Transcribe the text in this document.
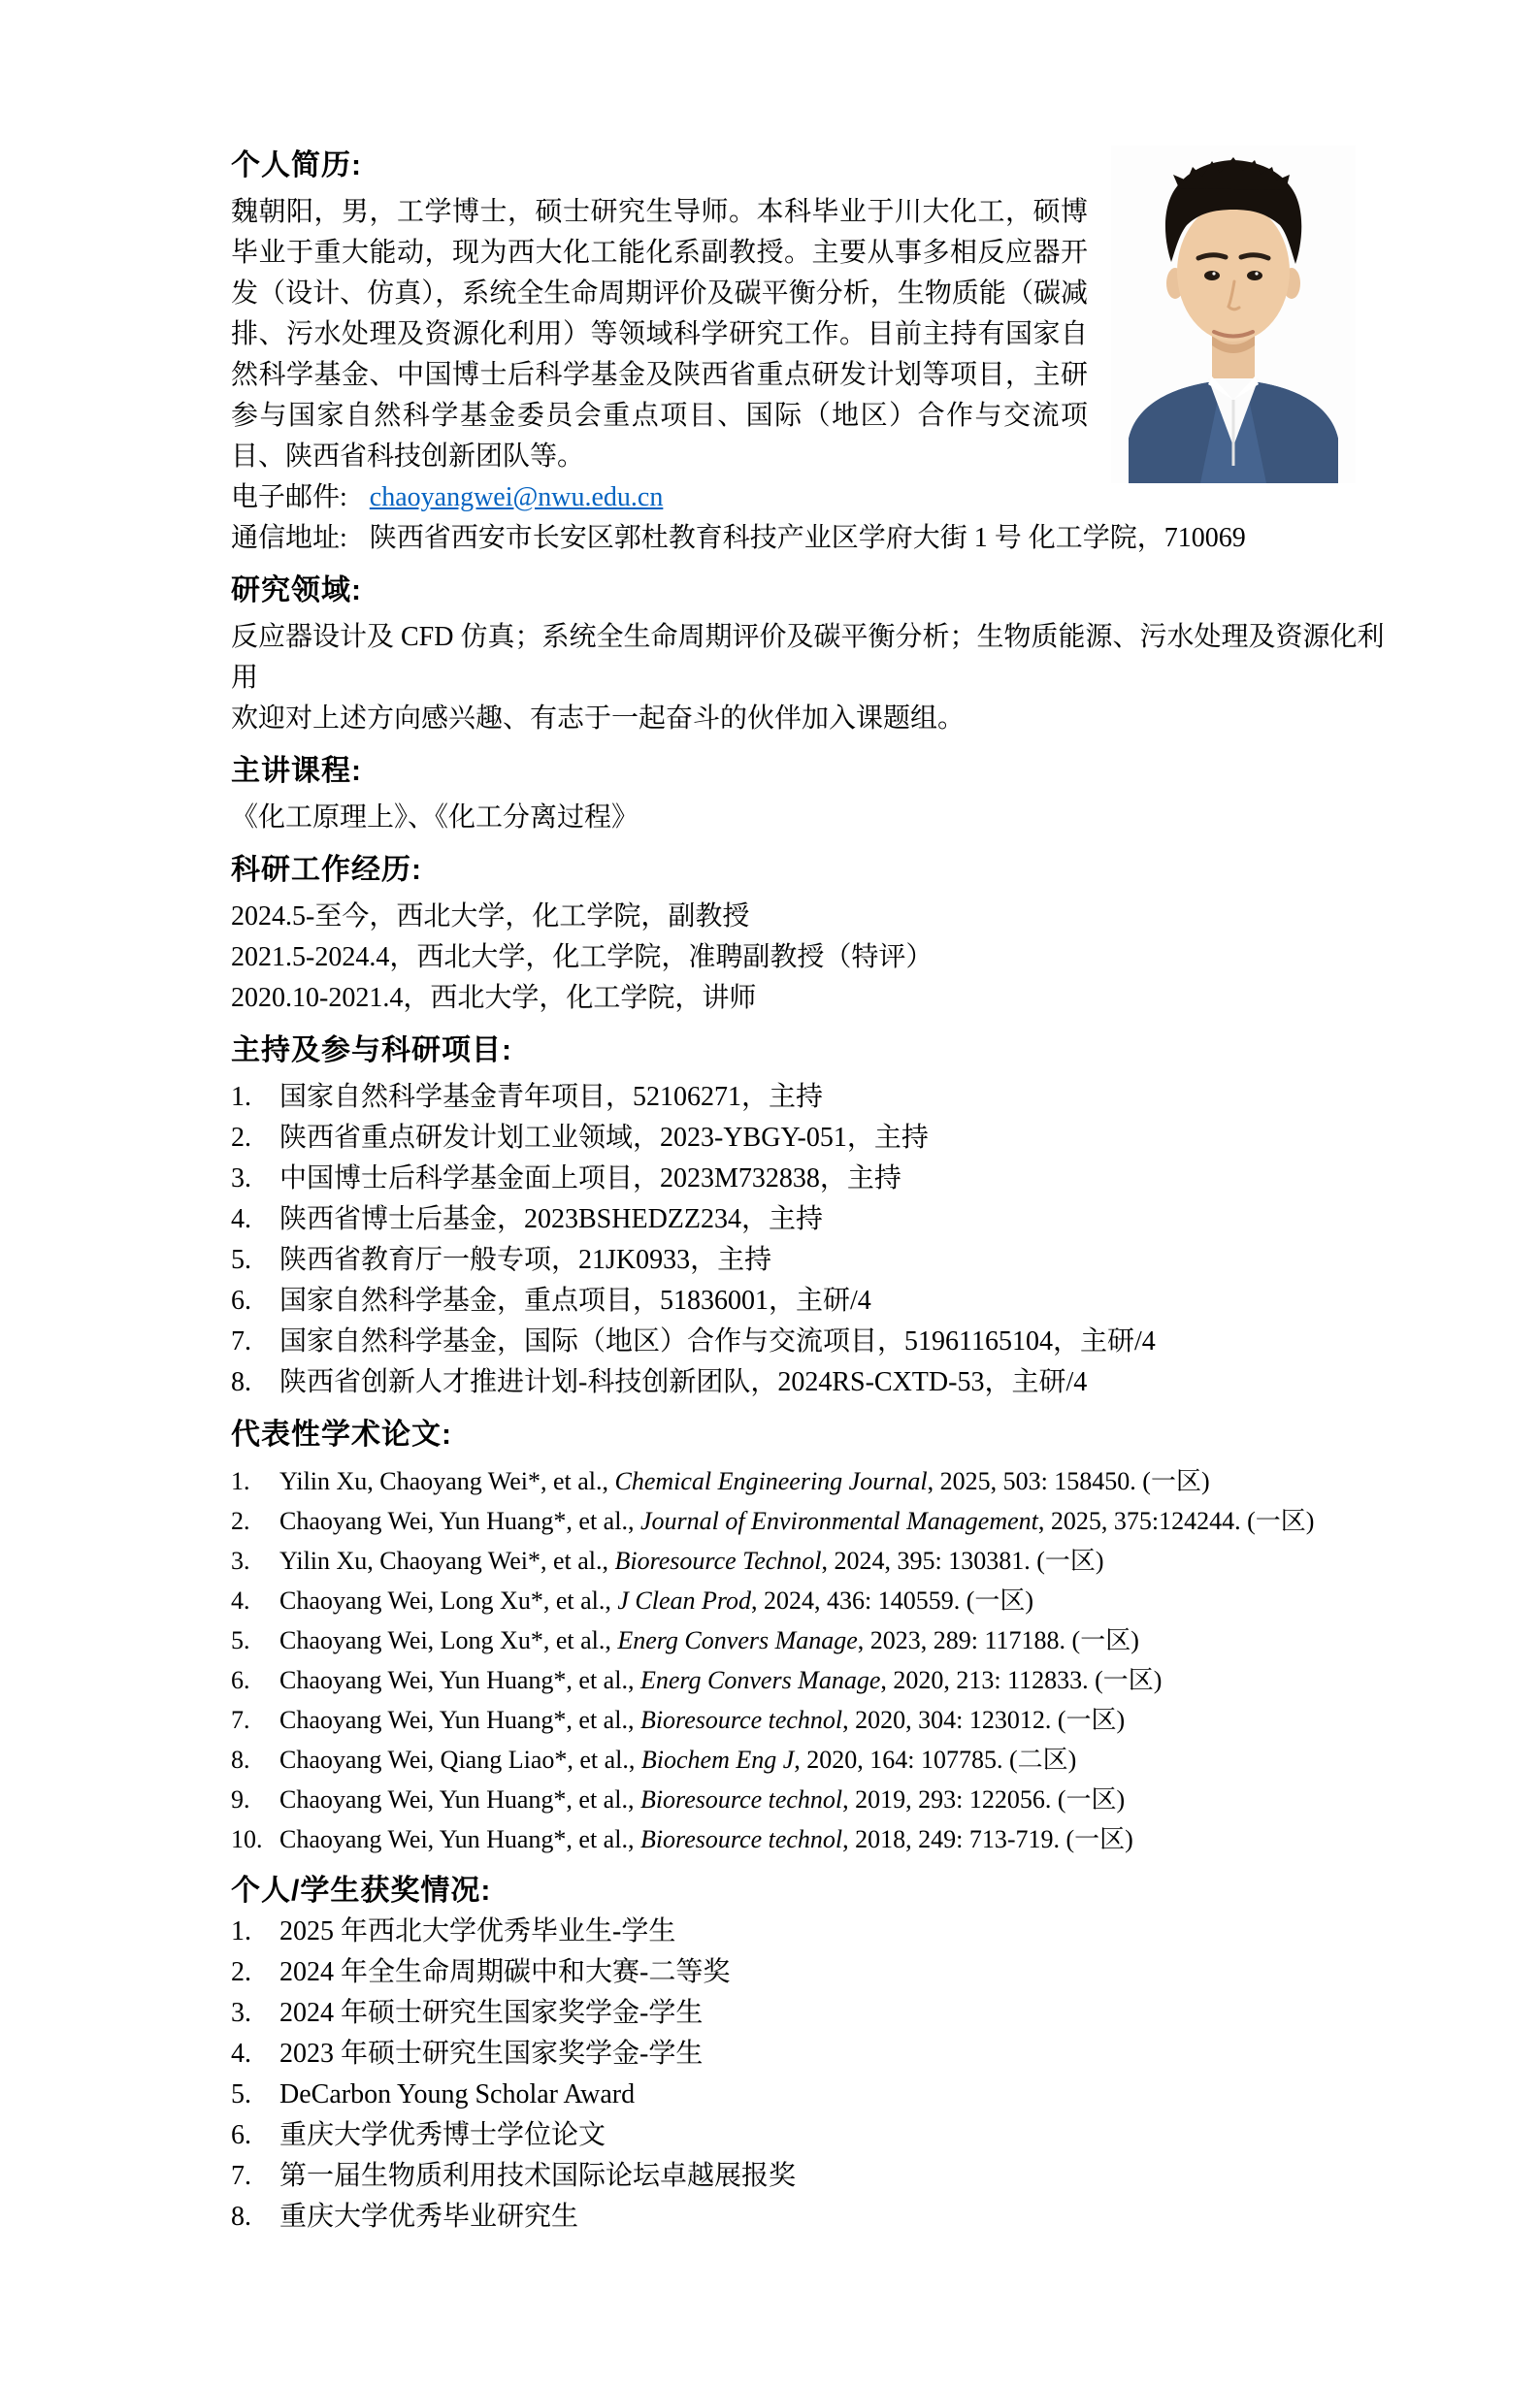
个人简历:
魏朝阳，男，工学博士，硕士研究生导师。本科毕业于川大化工，硕博毕业于重大能动，现为西大化工能化系副教授。主要从事多相反应器开发（设计、仿真），系统全生命周期评价及碳平衡分析，生物质能（碳减排、污水处理及资源化利用）等领域科学研究工作。目前主持有国家自然科学基金、中国博士后科学基金及陕西省重点研发计划等项目，主研参与国家自然科学基金委员会重点项目、国际（地区）合作与交流项目、陕西省科技创新团队等。
电子邮件: chaoyangwei@nwu.edu.cn
通信地址: 陕西省西安市长安区郭杜教育科技产业区学府大街 1 号 化工学院，710069
研究领域:
反应器设计及 CFD 仿真；系统全生命周期评价及碳平衡分析；生物质能源、污水处理及资源化利用
欢迎对上述方向感兴趣、有志于一起奋斗的伙伴加入课题组。
主讲课程:
《化工原理上》、《化工分离过程》
科研工作经历:
2024.5-至今，西北大学，化工学院，副教授
2021.5-2024.4，西北大学，化工学院，准聘副教授（特评）
2020.10-2021.4，西北大学，化工学院，讲师
主持及参与科研项目:
1.	国家自然科学基金青年项目，52106271，主持
2.	陕西省重点研发计划工业领域，2023-YBGY-051，主持
3.	中国博士后科学基金面上项目，2023M732838，主持
4.	陕西省博士后基金，2023BSHEDZZ234，主持
5.	陕西省教育厅一般专项，21JK0933，主持
6.	国家自然科学基金，重点项目，51836001，主研/4
7.	国家自然科学基金，国际（地区）合作与交流项目，51961165104，主研/4
8.	陕西省创新人才推进计划-科技创新团队，2024RS-CXTD-53，主研/4
代表性学术论文:
1.	Yilin Xu, Chaoyang Wei*, et al., Chemical Engineering Journal, 2025, 503: 158450. (一区)
2.	Chaoyang Wei, Yun Huang*, et al., Journal of Environmental Management, 2025, 375:124244. (一区)
3.	Yilin Xu, Chaoyang Wei*, et al., Bioresource Technol, 2024, 395: 130381. (一区)
4.	Chaoyang Wei, Long Xu*, et al., J Clean Prod, 2024, 436: 140559. (一区)
5.	Chaoyang Wei, Long Xu*, et al., Energ Convers Manage, 2023, 289: 117188. (一区)
6.	Chaoyang Wei, Yun Huang*, et al., Energ Convers Manage, 2020, 213: 112833. (一区)
7.	Chaoyang Wei, Yun Huang*, et al., Bioresource technol, 2020, 304: 123012. (一区)
8.	Chaoyang Wei, Qiang Liao*, et al., Biochem Eng J, 2020, 164: 107785. (二区)
9.	Chaoyang Wei, Yun Huang*, et al., Bioresource technol, 2019, 293: 122056. (一区)
10. Chaoyang Wei, Yun Huang*, et al., Bioresource technol, 2018, 249: 713-719. (一区)
个人/学生获奖情况:
1.	2025 年西北大学优秀毕业生-学生
2.	2024 年全生命周期碳中和大赛-二等奖
3.	2024 年硕士研究生国家奖学金-学生
4.	2023 年硕士研究生国家奖学金-学生
5.	DeCarbon Young Scholar Award
6.	重庆大学优秀博士学位论文
7.	第一届生物质利用技术国际论坛卓越展报奖
8.	重庆大学优秀毕业研究生
